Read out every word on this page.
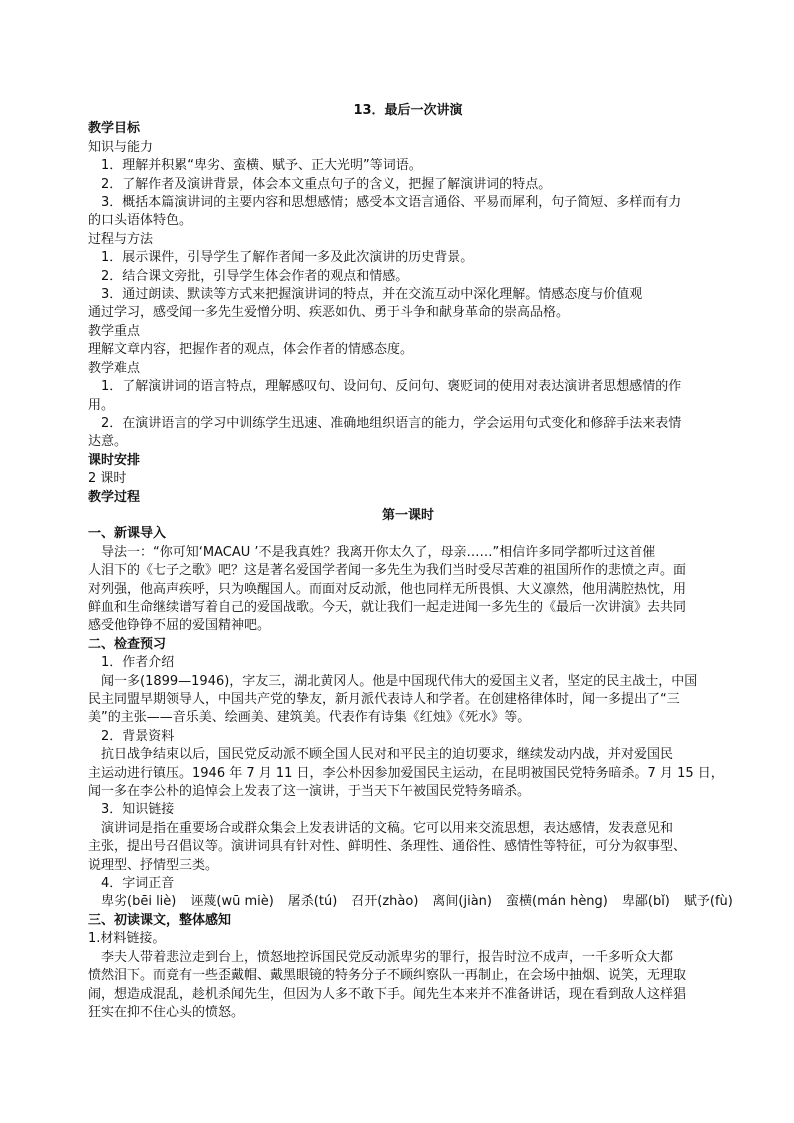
13．最后一次讲演
教学目标
知识与能力
1．理解并积累“卑劣、蛮横、赋予、正大光明”等词语。
2．了解作者及演讲背景，体会本文重点句子的含义，把握了解演讲词的特点。
3．概括本篇演讲词的主要内容和思想感情；感受本文语言通俗、平易而犀利，句子简短、多样而有力
的口头语体特色。
过程与方法
1．展示课件，引导学生了解作者闻一多及此次演讲的历史背景。
2．结合课文旁批，引导学生体会作者的观点和情感。
3．通过朗读、默读等方式来把握演讲词的特点，并在交流互动中深化理解。情感态度与价值观
通过学习，感受闻一多先生爱憎分明、疾恶如仇、勇于斗争和献身革命的崇高品格。
教学重点
理解文章内容，把握作者的观点，体会作者的情感态度。
教学难点
1．了解演讲词的语言特点，理解感叹句、设问句、反问句、褒贬词的使用对表达演讲者思想感情的作
用。
2．在演讲语言的学习中训练学生迅速、准确地组织语言的能力，学会运用句式变化和修辞手法来表情
达意。
课时安排
2 课时
教学过程
第一课时
一、新课导入
导法一：“你可知‘MACAU ’不是我真姓？我离开你太久了，母亲……”相信许多同学都听过这首催
人泪下的《七子之歌》吧？这是著名爱国学者闻一多先生为我们当时受尽苦难的祖国所作的悲愤之声。面
对列强，他高声疾呼，只为唤醒国人。而面对反动派，他也同样无所畏惧、大义凛然，他用满腔热忱，用
鲜血和生命继续谱写着自己的爱国战歌。今天，就让我们一起走进闻一多先生的《最后一次讲演》去共同
感受他铮铮不屈的爱国精神吧。
二、检查预习
1．作者介绍
闻一多(1899—1946)，字友三，湖北黄冈人。他是中国现代伟大的爱国主义者，坚定的民主战士，中国
民主同盟早期领导人，中国共产党的挚友，新月派代表诗人和学者。在创建格律体时，闻一多提出了“三
美”的主张——音乐美、绘画美、建筑美。代表作有诗集《红烛》《死水》等。
2．背景资料
抗日战争结束以后，国民党反动派不顾全国人民对和平民主的迫切要求，继续发动内战，并对爱国民
主运动进行镇压。1946 年 7 月 11 日，李公朴因参加爱国民主运动，在昆明被国民党特务暗杀。7 月 15 日，
闻一多在李公朴的追悼会上发表了这一演讲，于当天下午被国民党特务暗杀。
3．知识链接
演讲词是指在重要场合或群众集会上发表讲话的文稿。它可以用来交流思想，表达感情，发表意见和
主张，提出号召倡议等。演讲词具有针对性、鲜明性、条理性、通俗性、感情性等特征，可分为叙事型、
说理型、抒情型三类。
4．字词正音
卑劣(bēi liè) 诬蔑(wū miè) 屠杀(tú) 召开(zhào) 离间(jiàn) 蛮横(mán hèng) 卑鄙(bǐ) 赋予(fù)
三、初读课文，整体感知
1.材料链接。
李夫人带着悲泣走到台上，愤怒地控诉国民党反动派卑劣的罪行，报告时泣不成声，一千多听众大都
愤然泪下。而竟有一些歪戴帽、戴黑眼镜的特务分子不顾纠察队一再制止，在会场中抽烟、说笑，无理取
闹，想造成混乱，趁机杀闻先生，但因为人多不敢下手。闻先生本来并不准备讲话，现在看到敌人这样猖
狂实在抑不住心头的愤怒。
